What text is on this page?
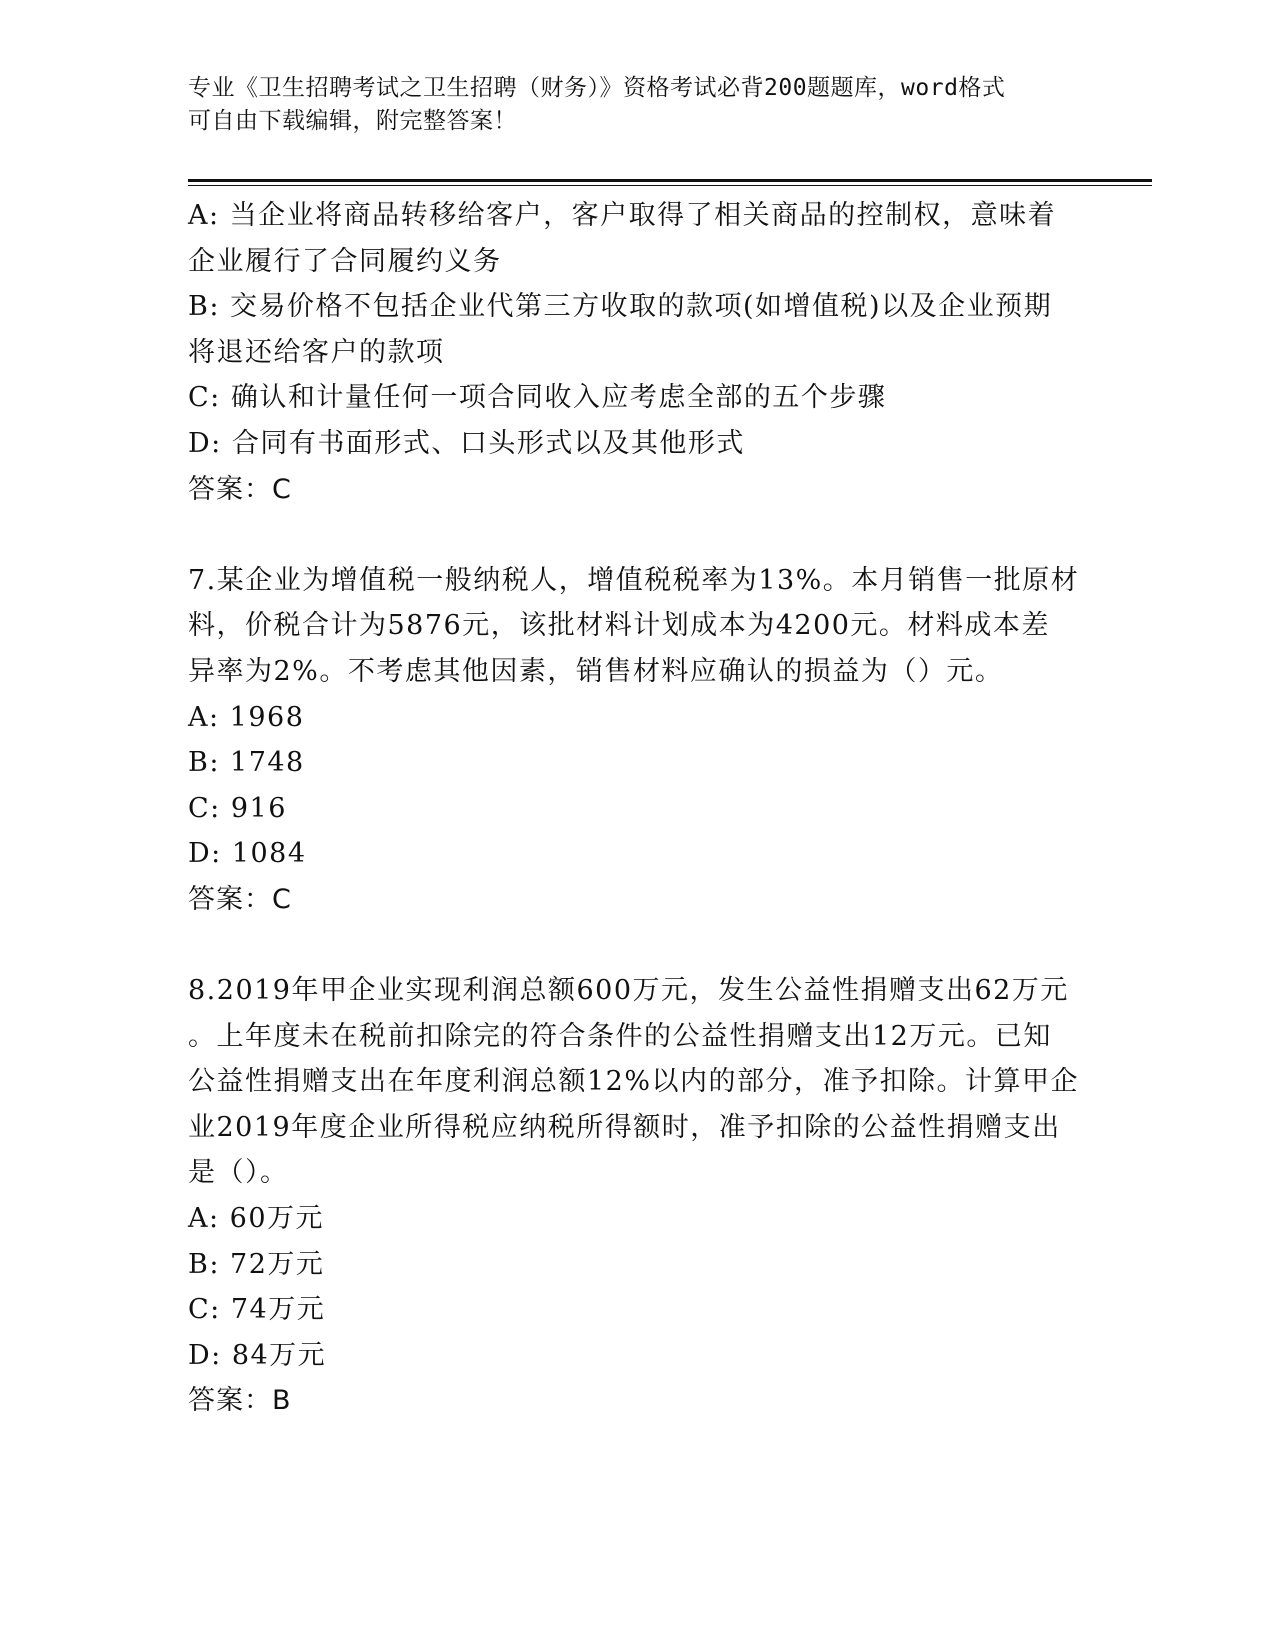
专业《卫生招聘考试之卫生招聘（财务）》资格考试必背200题题库，word格式
可自由下载编辑，附完整答案！
A: 当企业将商品转移给客户，客户取得了相关商品的控制权，意味着
企业履行了合同履约义务
B: 交易价格不包括企业代第三方收取的款项(如增值税)以及企业预期
将退还给客户的款项
C: 确认和计量任何一项合同收入应考虑全部的五个步骤
D: 合同有书面形式、口头形式以及其他形式
答案：C
7.某企业为增值税一般纳税人，增值税税率为13%。本月销售一批原材
料，价税合计为5876元，该批材料计划成本为4200元。材料成本差
异率为2%。不考虑其他因素，销售材料应确认的损益为（）元。
A: 1968
B: 1748
C: 916
D: 1084
答案：C
8.2019年甲企业实现利润总额600万元，发生公益性捐赠支出62万元
。上年度未在税前扣除完的符合条件的公益性捐赠支出12万元。已知
公益性捐赠支出在年度利润总额12%以内的部分，准予扣除。计算甲企
业2019年度企业所得税应纳税所得额时，准予扣除的公益性捐赠支出
是（）。
A: 60万元
B: 72万元
C: 74万元
D: 84万元
答案：B
